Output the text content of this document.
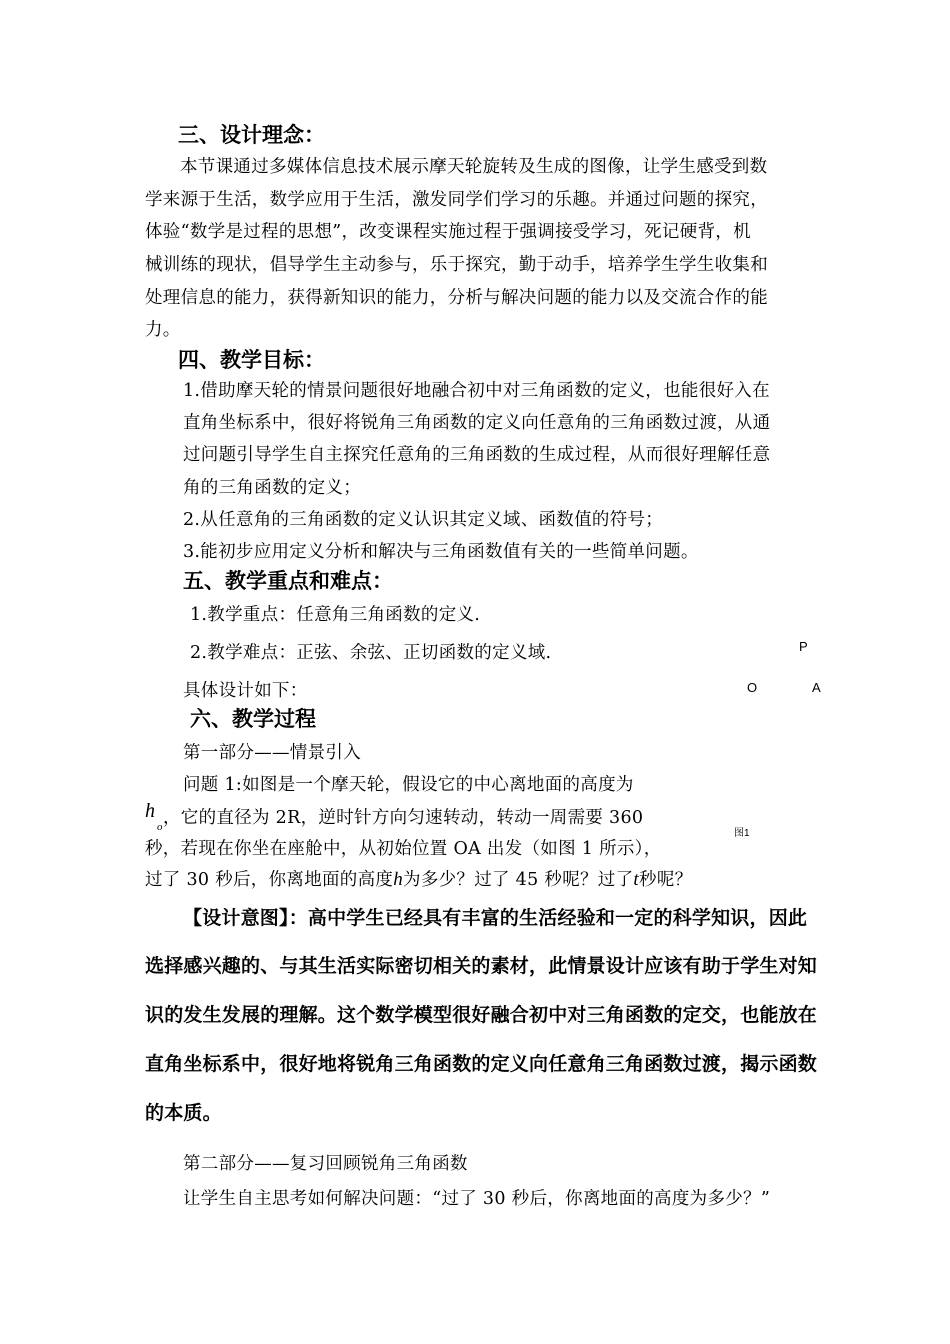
三、设计理念：
本节课通过多媒体信息技术展示摩天轮旋转及生成的图像，让学生感受到数
学来源于生活，数学应用于生活，激发同学们学习的乐趣。并通过问题的探究，
体验“数学是过程的思想”，改变课程实施过程于强调接受学习，死记硬背，机
械训练的现状，倡导学生主动参与，乐于探究，勤于动手，培养学生学生收集和
处理信息的能力，获得新知识的能力，分析与解决问题的能力以及交流合作的能
力。
四、教学目标：
1.借助摩天轮的情景问题很好地融合初中对三角函数的定义，也能很好入在
直角坐标系中，很好将锐角三角函数的定义向任意角的三角函数过渡，从通
过问题引导学生自主探究任意角的三角函数的生成过程，从而很好理解任意
角的三角函数的定义；
2.从任意角的三角函数的定义认识其定义域、函数值的符号；
3.能初步应用定义分析和解决与三角函数值有关的一些简单问题。
五、教学重点和难点：
1.教学重点：任意角三角函数的定义.
2.教学难点：正弦、余弦、正切函数的定义域.
具体设计如下：
P
O	A
图1
六、教学过程
第一部分——情景引入
问题 1:如图是一个摩天轮，假设它的中心离地面的高度为
h
o ，它的直径为 2R，逆时针方向匀速转动，转动一周需要 360
秒，若现在你坐在座舱中，从初始位置 OA 出发（如图 1 所示），
过了 30 秒后，你离地面的高度h为多少？过了 45 秒呢？过了t秒呢？
【设计意图】：高中学生已经具有丰富的生活经验和一定的科学知识，因此
选择感兴趣的、与其生活实际密切相关的素材，此情景设计应该有助于学生对知
识的发生发展的理解。这个数学模型很好融合初中对三角函数的定交，也能放在
直角坐标系中，很好地将锐角三角函数的定义向任意角三角函数过渡，揭示函数
的本质。
第二部分——复习回顾锐角三角函数
让学生自主思考如何解决问题：“过了 30 秒后，你离地面的高度为多少？”
